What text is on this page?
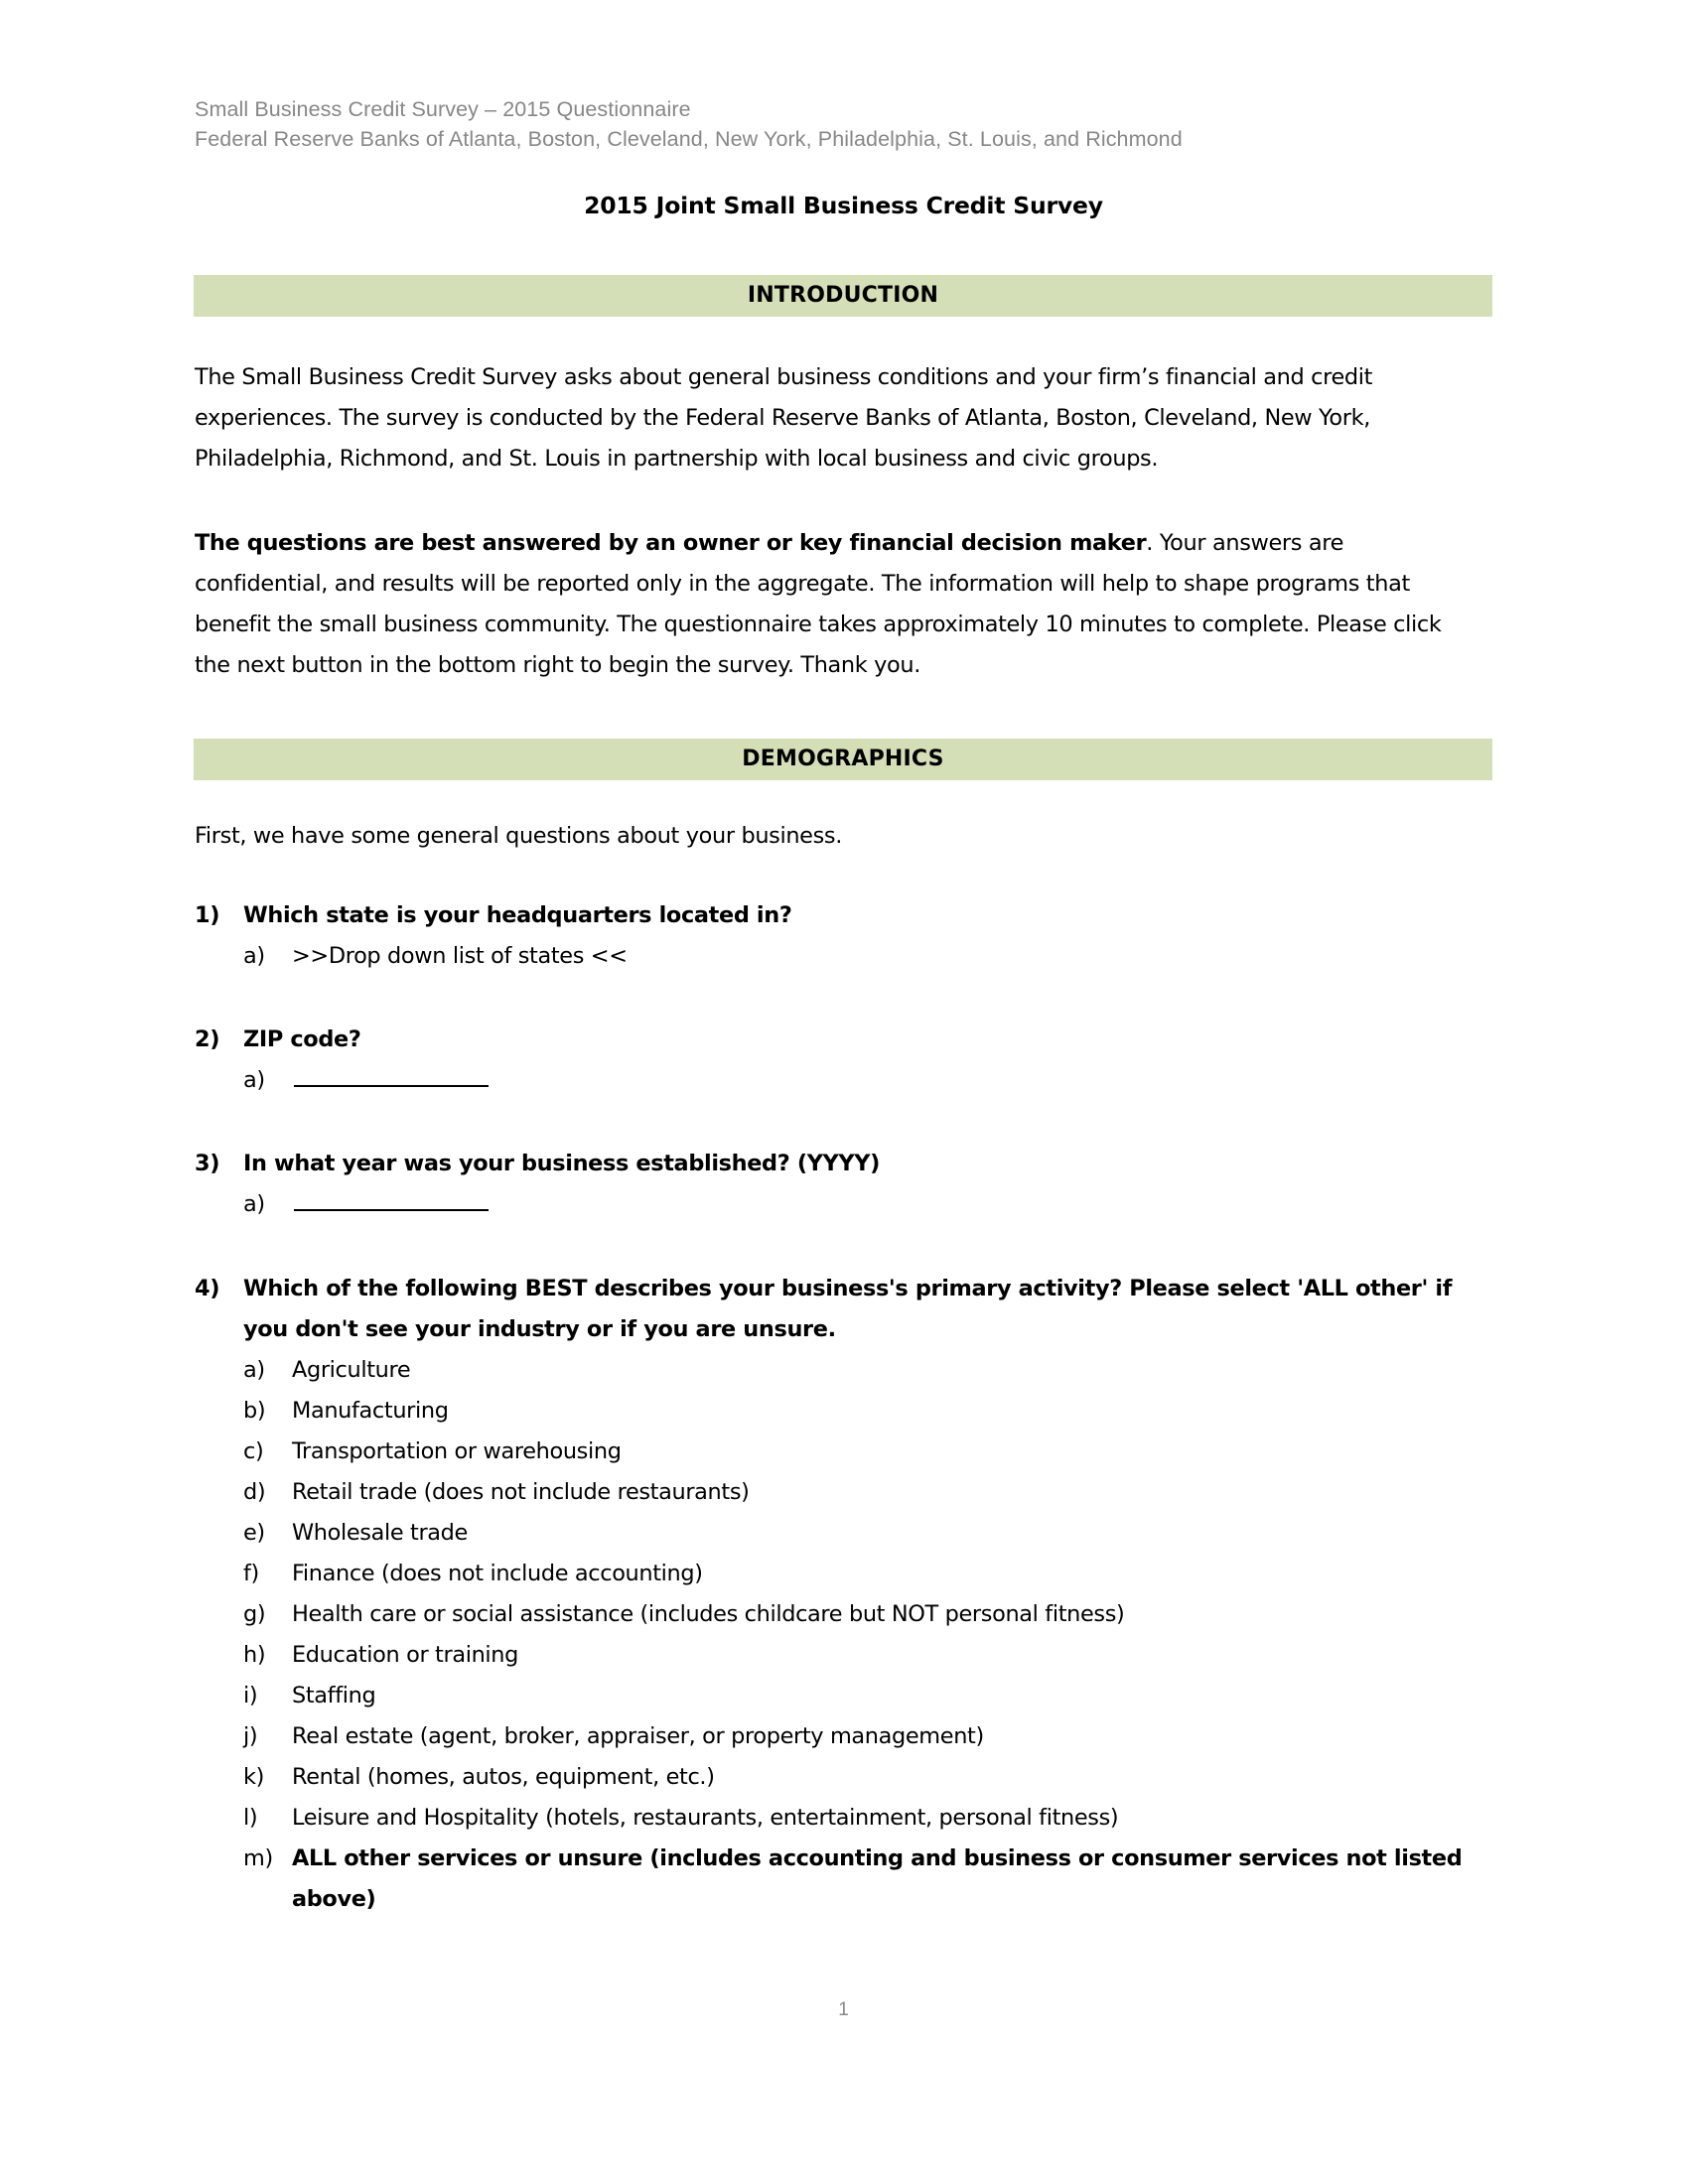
Small Business Credit Survey – 2015 Questionnaire
Federal Reserve Banks of Atlanta, Boston, Cleveland, New York, Philadelphia, St. Louis, and Richmond
2015 Joint Small Business Credit Survey
INTRODUCTION
The Small Business Credit Survey asks about general business conditions and your firm’s financial and credit experiences. The survey is conducted by the Federal Reserve Banks of Atlanta, Boston, Cleveland, New York, Philadelphia, Richmond, and St. Louis in partnership with local business and civic groups.
The questions are best answered by an owner or key financial decision maker. Your answers are confidential, and results will be reported only in the aggregate. The information will help to shape programs that benefit the small business community. The questionnaire takes approximately 10 minutes to complete. Please click the next button in the bottom right to begin the survey. Thank you.
DEMOGRAPHICS
First, we have some general questions about your business.
1)	Which state is your headquarters located in?
a)	>>Drop down list of states <<
2)	ZIP code?
a)
3)	In what year was your business established? (YYYY)
a)
4)	Which of the following BEST describes your business's primary activity? Please select 'ALL other' if you don't see your industry or if you are unsure.
a)	Agriculture
b)	Manufacturing
c)	Transportation or warehousing
d)	Retail trade (does not include restaurants)
e)	Wholesale trade
f)	Finance (does not include accounting)
g)	Health care or social assistance (includes childcare but NOT personal fitness)
h)	Education or training
i)	Staffing
j)	Real estate (agent, broker, appraiser, or property management)
k)	Rental (homes, autos, equipment, etc.)
l)	Leisure and Hospitality (hotels, restaurants, entertainment, personal fitness)
m) ALL other services or unsure (includes accounting and business or consumer services not listed above)
1
